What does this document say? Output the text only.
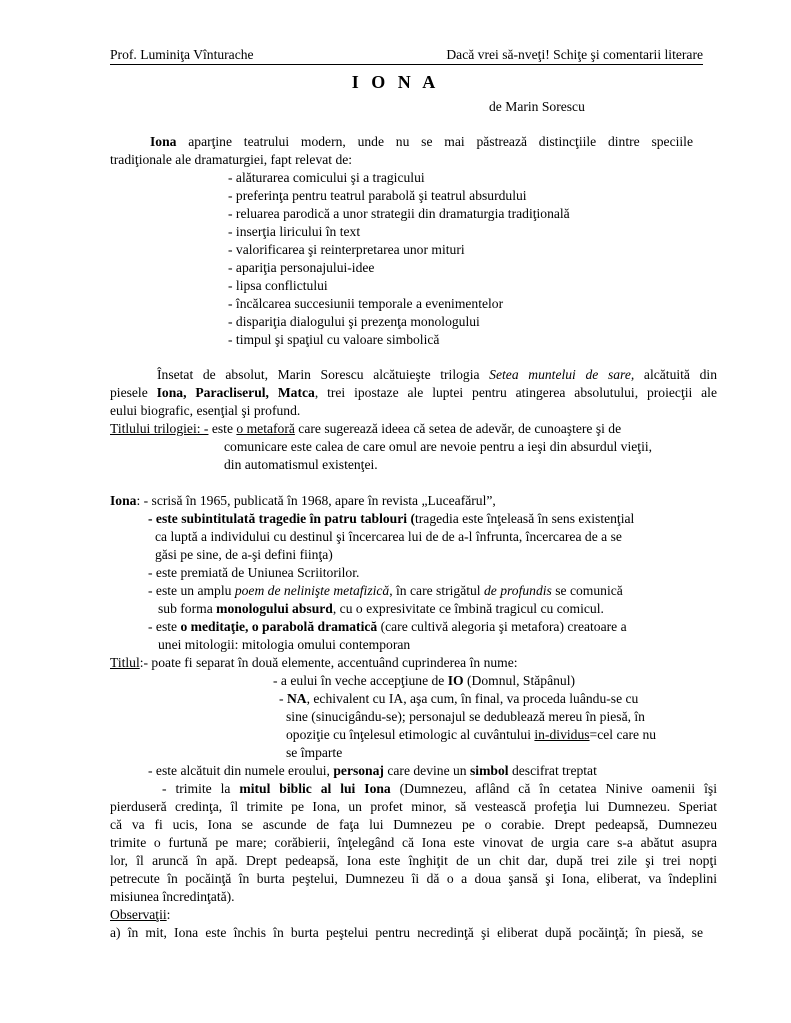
Prof. Luminiţa Vînturache	Dacă vrei să-nveţi! Schiţe şi comentarii literare
I O N A
de Marin Sorescu
Iona aparţine teatrului modern, unde nu se mai păstrează distincţiile dintre speciile
tradiţionale ale dramaturgiei, fapt relevat de:
- alăturarea comicului şi a tragicului
- preferinţa pentru teatrul parabolă şi teatrul absurdului
- reluarea parodică a unor strategii din dramaturgia tradiţională
- inserţia liricului în text
- valorificarea şi reinterpretarea unor mituri
- apariţia personajului-idee
- lipsa conflictului
- încălcarea succesiunii temporale a evenimentelor
- dispariţia dialogului şi prezenţa monologului
- timpul şi spaţiul cu valoare simbolică
Însetat de absolut, Marin Sorescu alcătuieşte trilogia Setea muntelui de sare, alcătuită din
piesele Iona, Paracliserul, Matca, trei ipostaze ale luptei pentru atingerea absolutului, proiecţii ale
eului biografic, esenţial şi profund.
Titlului trilogiei: - este o metaforă care sugerează ideea că setea de adevăr, de cunoaştere şi de
comunicare este calea de care omul are nevoie pentru a ieşi din absurdul vieţii,
din automatismul existenţei.
Iona: - scrisă în 1965, publicată în 1968, apare în revista „Luceafărul”,
- este subintitulată tragedie în patru tablouri (tragedia este înţeleasă în sens existenţial
ca luptă a individului cu destinul şi încercarea lui de de a-l înfrunta, încercarea de a se
găsi pe sine, de a-şi defini fiinţa)
- este premiată de Uniunea Scriitorilor.
- este un amplu poem de nelinişte metafizică, în care strigătul de profundis se comunică
sub forma monologului absurd, cu o expresivitate ce îmbină tragicul cu comicul.
- este o meditaţie, o parabolă dramatică (care cultivă alegoria şi metafora) creatoare a
unei mitologii: mitologia omului contemporan
Titlul:- poate fi separat în două elemente, accentuând cuprinderea în nume:
- a eului în veche accepţiune de IO (Domnul, Stăpânul)
- NA, echivalent cu IA, aşa cum, în final, va proceda luându-se cu
sine (sinucigându-se); personajul se dedublează mereu în piesă, în
opoziţie cu înţelesul etimologic al cuvântului in-dividus=cel care nu
se împarte
- este alcătuit din numele eroului, personaj care devine un simbol descifrat treptat
- trimite la mitul biblic al lui Iona (Dumnezeu, aflând că în cetatea Ninive oamenii îşi
pierduseră credinţa, îl trimite pe Iona, un profet minor, să vestească profeţia lui Dumnezeu. Speriat
că va fi ucis, Iona se ascunde de faţa lui Dumnezeu pe o corabie. Drept pedeapsă, Dumnezeu
trimite o furtună pe mare; corăbierii, înţelegând că Iona este vinovat de urgia care s-a abătut asupra
lor, îl aruncă în apă. Drept pedeapsă, Iona este înghiţit de un chit dar, după trei zile şi trei nopţi
petrecute în pocăinţă în burta peştelui, Dumnezeu îi dă o a doua şansă şi Iona, eliberat, va îndeplini
misiunea încredinţată).
Observaţii:
a) în mit, Iona este închis în burta peştelui pentru necredinţă şi eliberat după pocăinţă; în piesă, se
